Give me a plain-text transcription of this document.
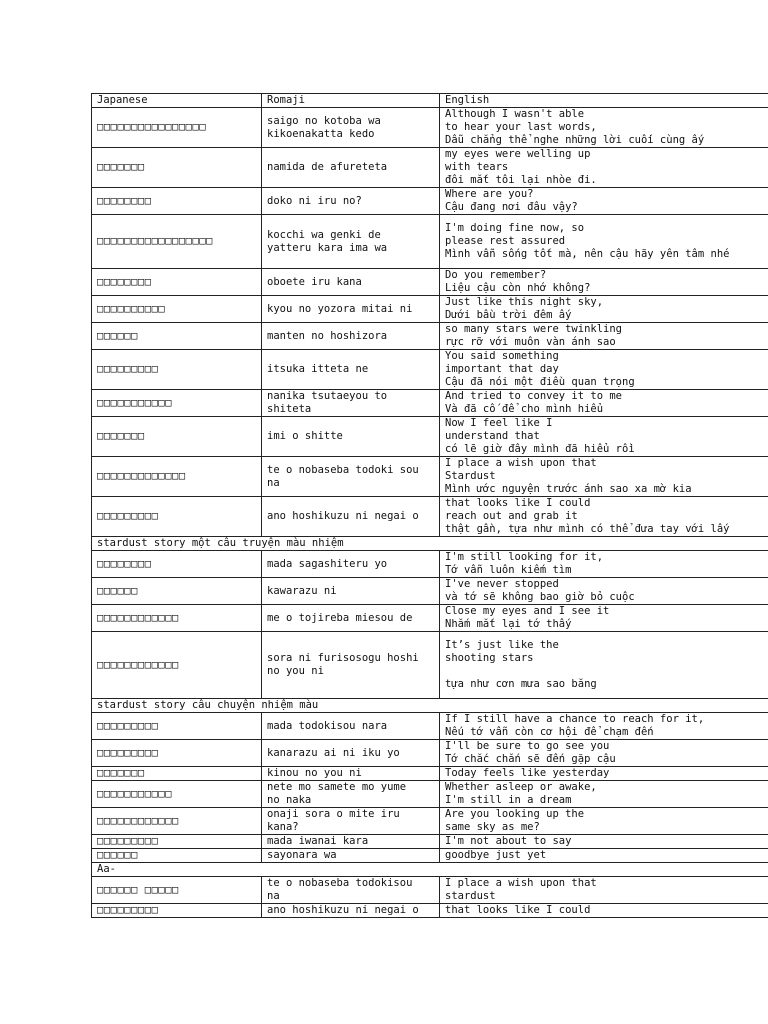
Japanese	Romaji	English
□□□□□□□□□□□□□□□□	saigo no kotoba wa
kikoenakatta kedo	Although I wasn't able
to hear your last words,
Dẫu chẳng thể nghe những lời cuối cùng ấy
□□□□□□□	namida de afureteta	my eyes were welling up
with tears
đôi mắt tôi lại nhòe đi.
□□□□□□□□	doko ni iru no?	Where are you?
Cậu đang nơi đâu vậy?
□□□□□□□□□□□□□□□□□	kocchi wa genki de
yatteru kara ima wa	I'm doing fine now, so
please rest assured
Mình vẫn sống tốt mà, nên cậu hãy yên tâm nhé

□□□□□□□□	oboete iru kana	Do you remember?
Liệu cậu còn nhớ không?
□□□□□□□□□□	kyou no yozora mitai ni	Just like this night sky,
Dưới bầu trời đêm ấy
□□□□□□	manten no hoshizora	so many stars were twinkling
rực rỡ với muôn vàn ánh sao
□□□□□□□□□	itsuka itteta ne	You said something
important that day
Cậu đã nói một điều quan trọng
□□□□□□□□□□□	nanika tsutaeyou to
shiteta	And tried to convey it to me
Và đã cố để cho mình hiểu
□□□□□□□	imi o shitte	Now I feel like I
understand that
có lẽ giờ đây mình đã hiểu rồi
□□□□□□□□□□□□□	te o nobaseba todoki sou
na	I place a wish upon that
Stardust
Mình ước nguyện trước ánh sao xa mờ kia
□□□□□□□□□	ano hoshikuzu ni negai o	that looks like I could
reach out and grab it
thật gần, tựa như mình có thể đưa tay với lấy
stardust story một câu truyện màu nhiệm		
□□□□□□□□	mada sagashiteru yo	I'm still looking for it,
Tớ vẫn luôn kiếm tìm
□□□□□□	kawarazu ni	I've never stopped
và tớ sẽ không bao giờ bỏ cuộc
□□□□□□□□□□□□	me o tojireba miesou de	Close my eyes and I see it
Nhắm mắt lại tớ thấy
□□□□□□□□□□□□	sora ni furisosogu hoshi
no you ni	It’s just like the
shooting stars

tựa như cơn mưa sao băng

stardust story câu chuyện nhiệm màu		
□□□□□□□□□	mada todokisou nara	If I still have a chance to reach for it,
Nếu tớ vẫn còn cơ hội để chạm đến
□□□□□□□□□	kanarazu ai ni iku yo	I'll be sure to go see you
Tớ chắc chắn sẽ đến gặp cậu
□□□□□□□	kinou no you ni	Today feels like yesterday
□□□□□□□□□□□	nete mo samete mo yume
no naka	Whether asleep or awake,
I'm still in a dream
□□□□□□□□□□□□	onaji sora o mite iru
kana?	Are you looking up the
same sky as me?
□□□□□□□□□	mada iwanai kara	I'm not about to say
□□□□□□	sayonara wa	goodbye just yet
Aa-		
□□□□□□ □□□□□	te o nobaseba todokisou
na	I place a wish upon that
stardust
□□□□□□□□□	ano hoshikuzu ni negai o	that looks like I could
